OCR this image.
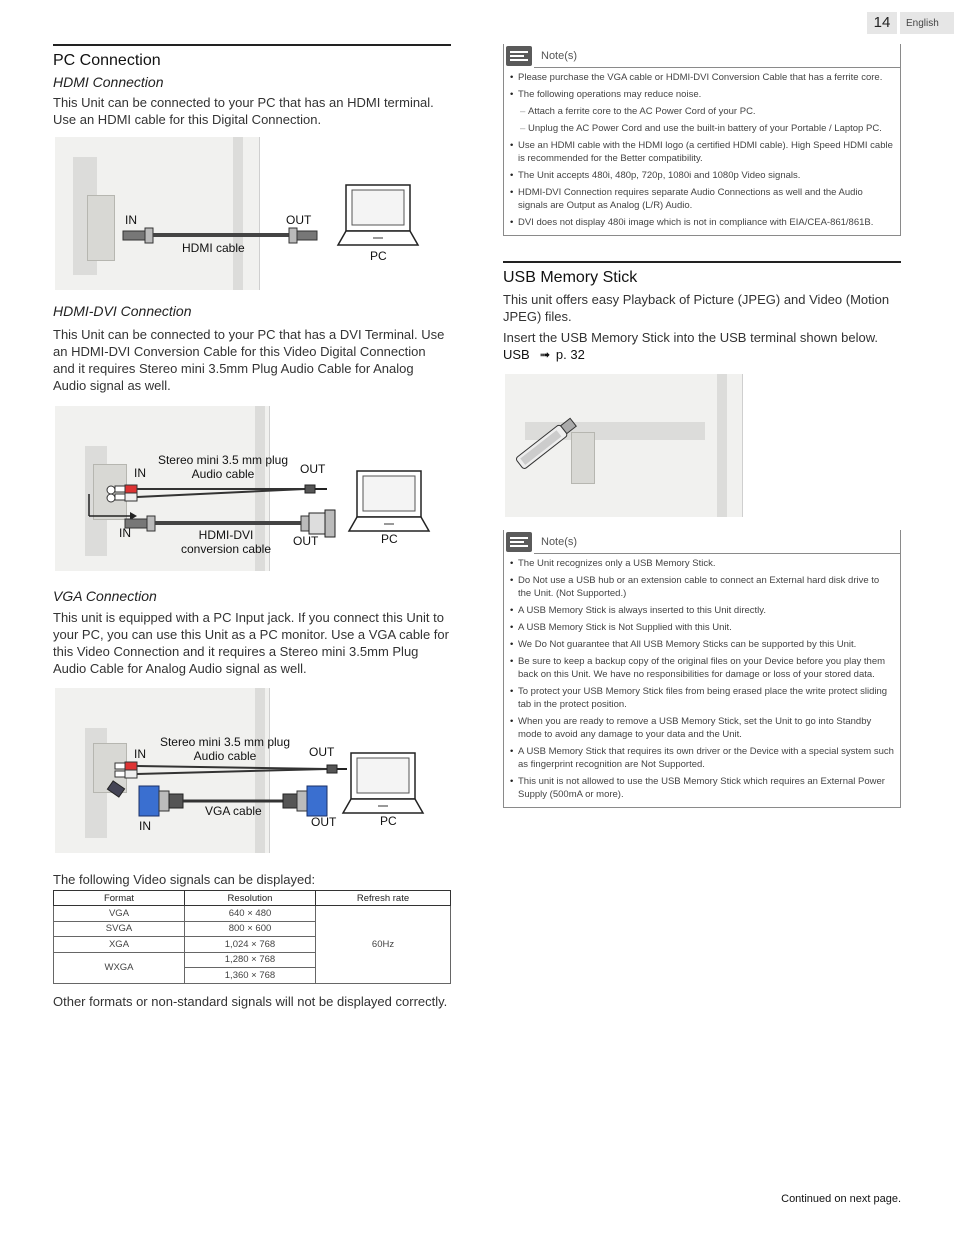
14	English
PC Connection
HDMI Connection
This Unit can be connected to your PC that has an HDMI terminal. Use an HDMI cable for this Digital Connection.
IN	OUT
HDMI cable
PC
HDMI-DVI Connection
This Unit can be connected to your PC that has a DVI Terminal. Use an HDMI-DVI Conversion Cable for this Video Digital Connection and it requires Stereo mini 3.5mm Plug Audio Cable for Analog Audio signal as well.
Stereo mini 3.5 mm plug
Audio cable
IN	OUT
IN	HDMI-DVI
conversion cable
OUT	PC
VGA Connection
This unit is equipped with a PC Input jack. If you connect this Unit to your PC, you can use this Unit as a PC monitor. Use a VGA cable for this Video Connection and it requires a Stereo mini 3.5mm Plug Audio Cable for Analog Audio signal as well.
Stereo mini 3.5 mm plug
Audio cable
IN	OUT
VGA cable
IN	OUT	PC
The following Video signals can be displayed:
Format	Resolution	Refresh rate
VGA	640 × 480	60Hz
SVGA	800 × 600	
XGA	1,024 × 768	
WXGA	1,280 × 768	
	1,360 × 768	
Other formats or non-standard signals will not be displayed correctly.
Note(s)
• Please purchase the VGA cable or HDMI-DVI Conversion Cable that has a ferrite core.
• The following operations may reduce noise.
– Attach a ferrite core to the AC Power Cord of your PC.
– Unplug the AC Power Cord and use the built-in battery of your Portable / Laptop PC.
• Use an HDMI cable with the HDMI logo (a certified HDMI cable). High Speed HDMI cable is recommended for the Better compatibility.
• The Unit accepts 480i, 480p, 720p, 1080i and 1080p Video signals.
• HDMI-DVI Connection requires separate Audio Connections as well and the Audio signals are Output as Analog (L/R) Audio.
• DVI does not display 480i image which is not in compliance with EIA/CEA-861/861B.
USB Memory Stick
This unit offers easy Playback of Picture (JPEG) and Video (Motion JPEG) files.
Insert the USB Memory Stick into the USB terminal shown below.
USB ➟ p. 32
Note(s)
• The Unit recognizes only a USB Memory Stick.
• Do Not use a USB hub or an extension cable to connect an External hard disk drive to the Unit. (Not Supported.)
• A USB Memory Stick is always inserted to this Unit directly.
• A USB Memory Stick is Not Supplied with this Unit.
• We Do Not guarantee that All USB Memory Sticks can be supported by this Unit.
• Be sure to keep a backup copy of the original files on your Device before you play them back on this Unit. We have no responsibilities for damage or loss of your stored data.
• To protect your USB Memory Stick files from being erased place the write protect sliding tab in the protect position.
• When you are ready to remove a USB Memory Stick, set the Unit to go into Standby mode to avoid any damage to your data and the Unit.
• A USB Memory Stick that requires its own driver or the Device with a special system such as fingerprint recognition are Not Supported.
• This unit is not allowed to use the USB Memory Stick which requires an External Power Supply (500mA or more).
Continued on next page.
